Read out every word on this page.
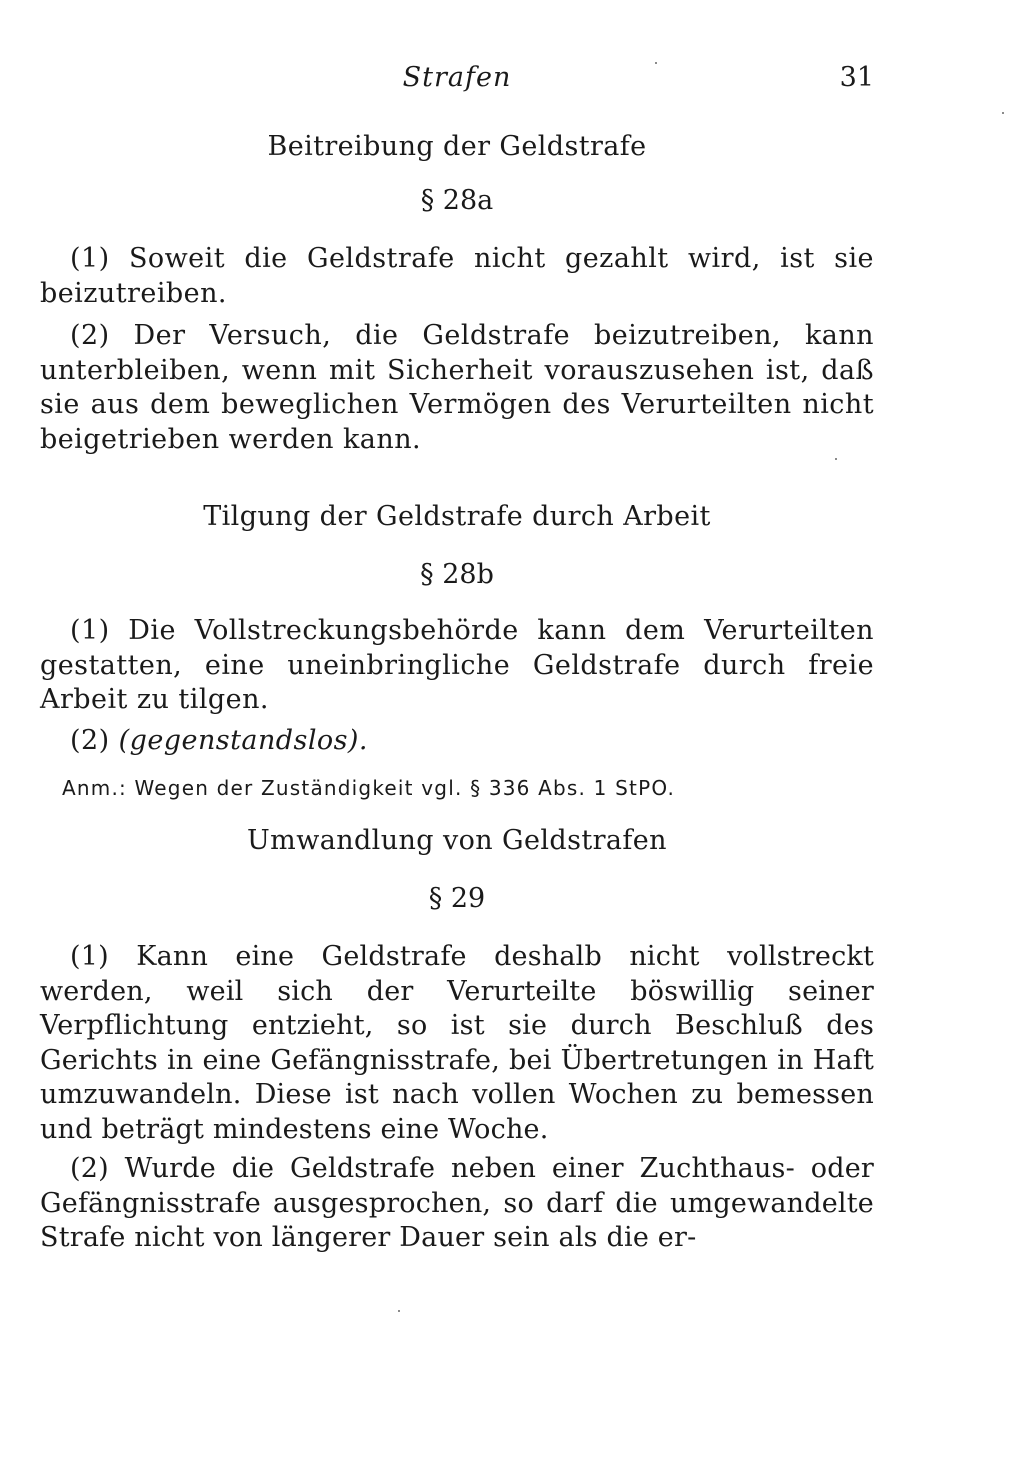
Strafen	31
Beitreibung der Geldstrafe
§ 28a

(1) Soweit die Geldstrafe nicht gezahlt wird, ist sie beizutreiben.

(2) Der Versuch, die Geldstrafe beizutreiben, kann unterbleiben, wenn mit Sicherheit vorauszusehen ist, daß sie aus dem beweglichen Vermögen des Verurteilten nicht beigetrieben werden kann.

Tilgung der Geldstrafe durch Arbeit
§ 28b

(1) Die Vollstreckungsbehörde kann dem Verurteilten gestatten, eine uneinbringliche Geldstrafe durch freie Arbeit zu tilgen.

(2) (gegenstandslos).

Anm.: Wegen der Zuständigkeit vgl. § 336 Abs. 1 StPO.
Umwandlung von Geldstrafen
§ 29

(1) Kann eine Geldstrafe deshalb nicht vollstreckt werden, weil sich der Verurteilte böswillig seiner Verpflichtung entzieht, so ist sie durch Beschluß des Gerichts in eine Gefängnisstrafe, bei Übertretungen in Haft umzuwandeln. Diese ist nach vollen Wochen zu bemessen und beträgt mindestens eine Woche.

(2) Wurde die Geldstrafe neben einer Zuchthaus- oder Gefängnisstrafe ausgesprochen, so darf die umgewandelte Strafe nicht von längerer Dauer sein als die er-
